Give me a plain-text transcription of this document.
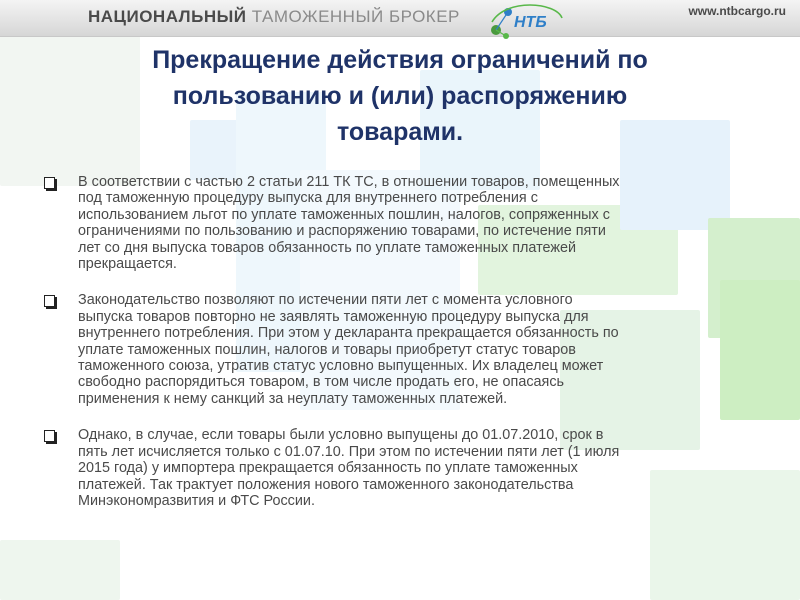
НАЦИОНАЛЬНЫЙ ТАМОЖЕННЫЙ БРОКЕР	www.ntbcargo.ru
НТБ
Прекращение действия ограничений по
пользованию и (или) распоряжению
товарами.
В соответствии с частью 2 статьи 211 ТК ТС, в отношении товаров, помещенных
под таможенную процедуру выпуска для внутреннего потребления с
использованием льгот по уплате таможенных пошлин, налогов, сопряженных с
ограничениями по пользованию и распоряжению товарами, по истечение пяти
лет со дня выпуска товаров обязанность по уплате таможенных платежей
прекращается.
Законодательство позволяют по истечении пяти лет с момента условного
выпуска товаров повторно не заявлять таможенную процедуру выпуска для
внутреннего потребления. При этом у декларанта прекращается обязанность по
уплате таможенных пошлин, налогов и товары приобретут статус товаров
таможенного союза, утратив статус условно выпущенных. Их владелец может
свободно распорядиться товаром, в том числе продать его, не опасаясь
применения к нему санкций за неуплату таможенных платежей.
Однако, в случае, если товары были условно выпущены до 01.07.2010, срок в
пять лет исчисляется только с 01.07.10. При этом по истечении пяти лет (1 июля
2015 года) у импортера прекращается обязанность по уплате таможенных
платежей. Так трактует положения нового таможенного законодательства
Минэкономразвития и ФТС России.
